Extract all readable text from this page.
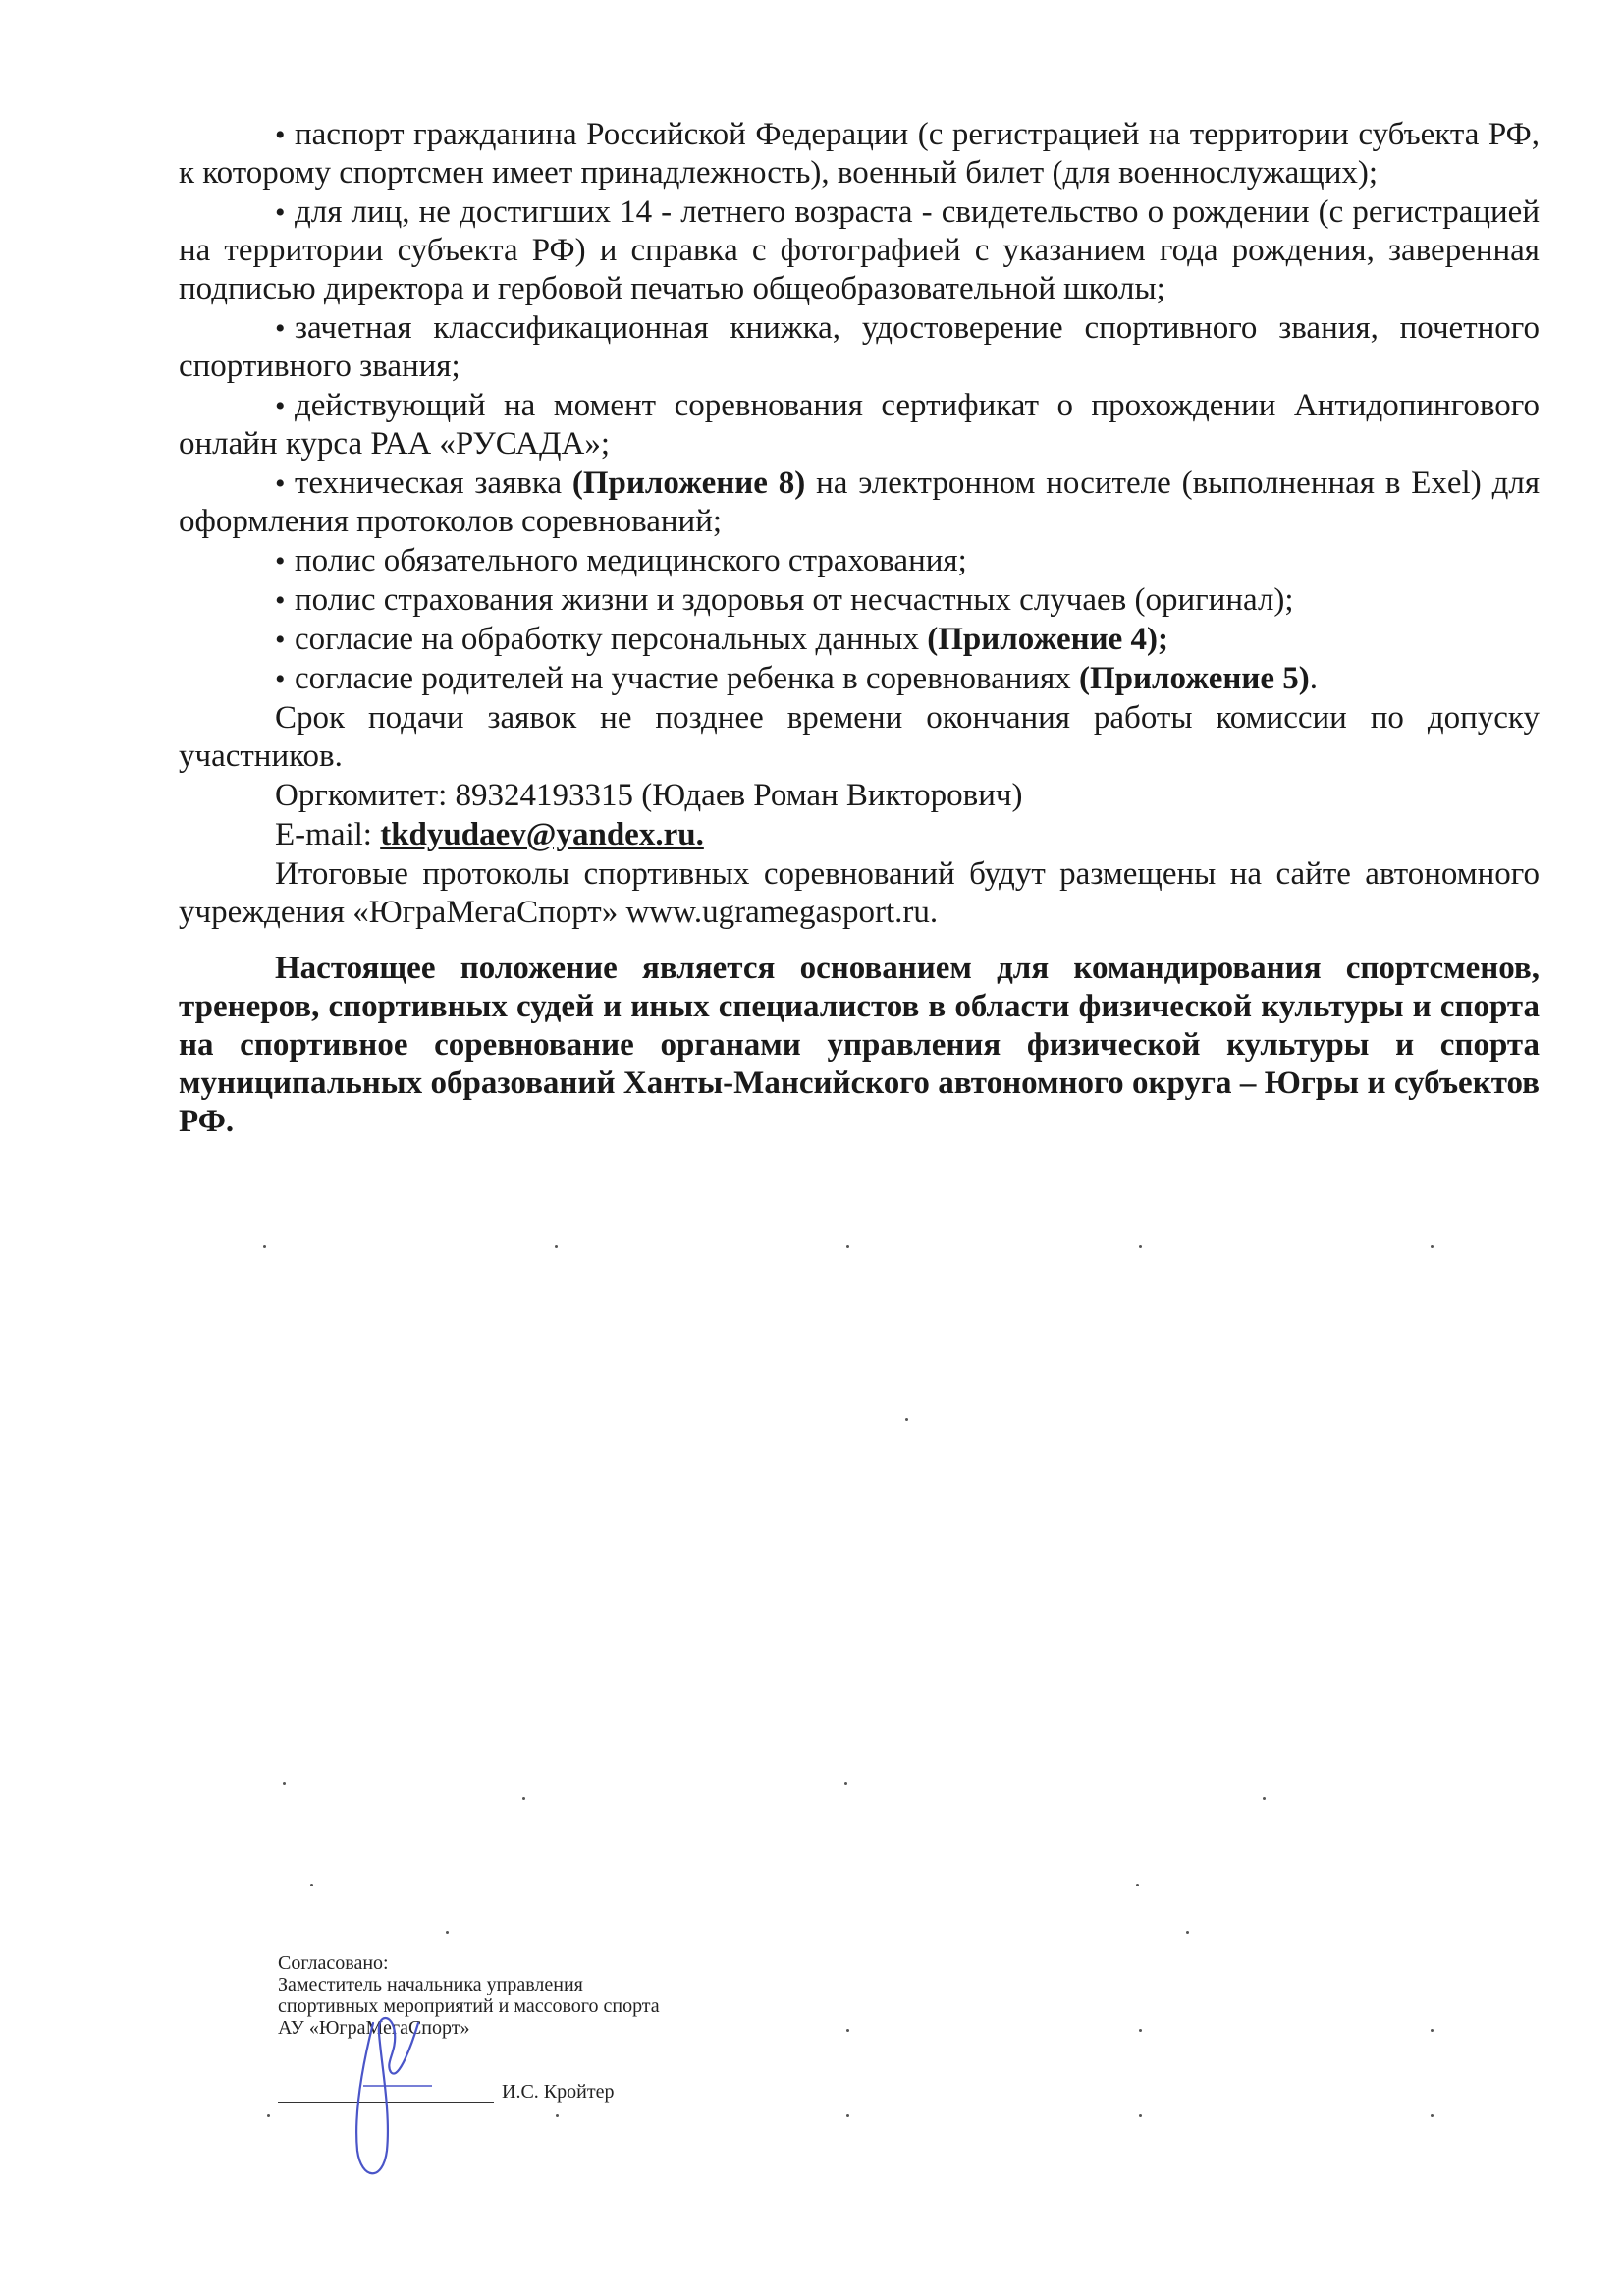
• паспорт гражданина Российской Федерации (с регистрацией на территории субъекта РФ, к которому спортсмен имеет принадлежность), военный билет (для военнослужащих);

• для лиц, не достигших 14 - летнего возраста - свидетельство о рождении (с регистрацией на территории субъекта РФ) и справка с фотографией с указанием года рождения, заверенная подписью директора и гербовой печатью общеобразовательной школы;

• зачетная классификационная книжка, удостоверение спортивного звания, почетного спортивного звания;

• действующий на момент соревнования сертификат о прохождении Антидопингового онлайн курса РАА «РУСАДА»;

• техническая заявка (Приложение 8) на электронном носителе (выполненная в Exel) для оформления протоколов соревнований;

• полис обязательного медицинского страхования;

• полис страхования жизни и здоровья от несчастных случаев (оригинал);

• согласие на обработку персональных данных (Приложение 4);

• согласие родителей на участие ребенка в соревнованиях (Приложение 5).

Срок подачи заявок не позднее времени окончания работы комиссии по допуску участников.

Оргкомитет: 89324193315 (Юдаев Роман Викторович)

E-mail: tkdyudaev@yandex.ru.

Итоговые протоколы спортивных соревнований будут размещены на сайте автономного учреждения «ЮграМегаСпорт» www.ugramegasport.ru.

Настоящее положение является основанием для командирования спортсменов, тренеров, спортивных судей и иных специалистов в области физической культуры и спорта на спортивное соревнование органами управления физической культуры и спорта муниципальных образований Ханты-Мансийского автономного округа – Югры и субъектов РФ.

Согласовано:
Заместитель начальника управления
спортивных мероприятий и массового спорта
АУ «ЮграМегаСпорт»
И.С. Кройтер
